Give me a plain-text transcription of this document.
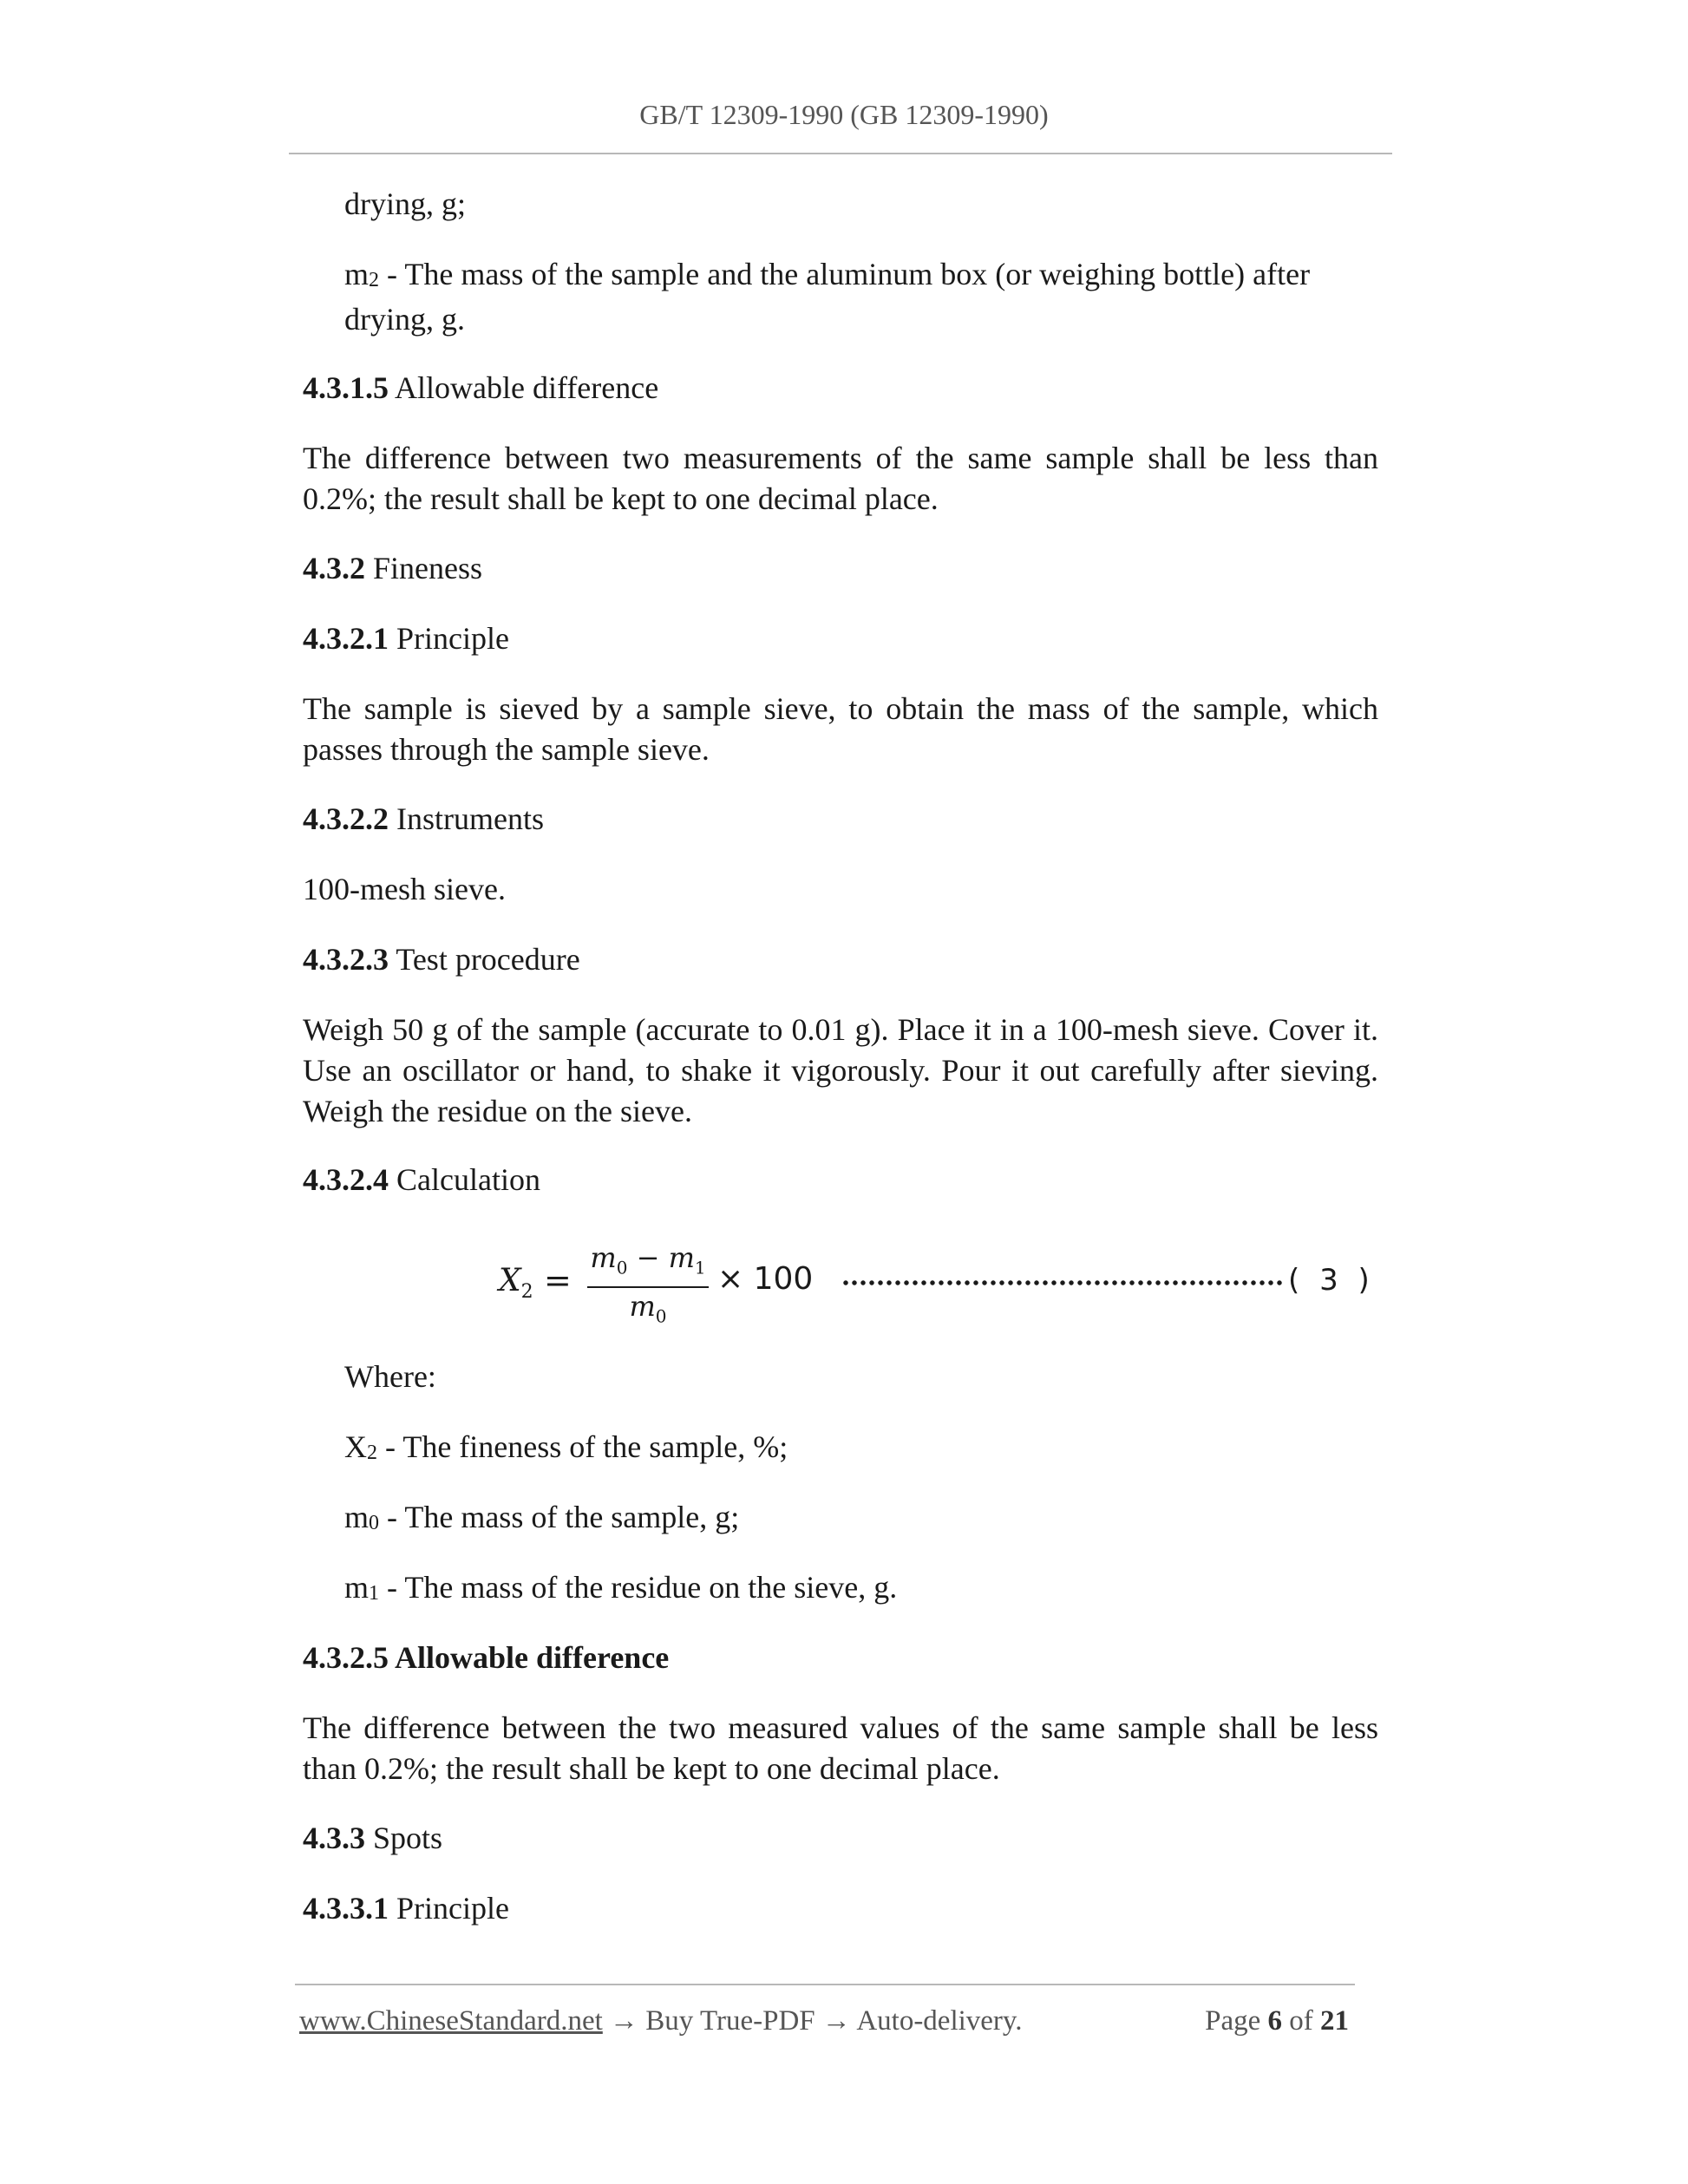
GB/T 12309-1990 (GB 12309-1990)

drying, g;

$m_2$ - The mass of the sample and the aluminum box (or weighing bottle) after drying, g.

4.3.1.5 Allowable difference

The difference between two measurements of the same sample shall be less than 0.2%; the result shall be kept to one decimal place.

4.3.2 Fineness

4.3.2.1 Principle

The sample is sieved by a sample sieve, to obtain the mass of the sample, which passes through the sample sieve.

4.3.2.2 Instruments

100-mesh sieve.

4.3.2.3 Test procedure

Weigh 50 g of the sample (accurate to 0.01 g). Place it in a 100-mesh sieve. Cover it. Use an oscillator or hand, to shake it vigorously. Pour it out carefully after sieving. Weigh the residue on the sieve.

4.3.2.4 Calculation

$X_2$ =
$m_0 - m_1$
$m_0$
× 100	( 3 )

Where:

$X_2$ - The fineness of the sample, %;

$m_0$ - The mass of the sample, g;

$m_1$ - The mass of the residue on the sieve, g.

4.3.2.5 Allowable difference

The difference between the two measured values of the same sample shall be less than 0.2%; the result shall be kept to one decimal place.

4.3.3 Spots

4.3.3.1 Principle

www.ChineseStandard.net → Buy True-PDF → Auto-delivery.	Page 6 of 21
